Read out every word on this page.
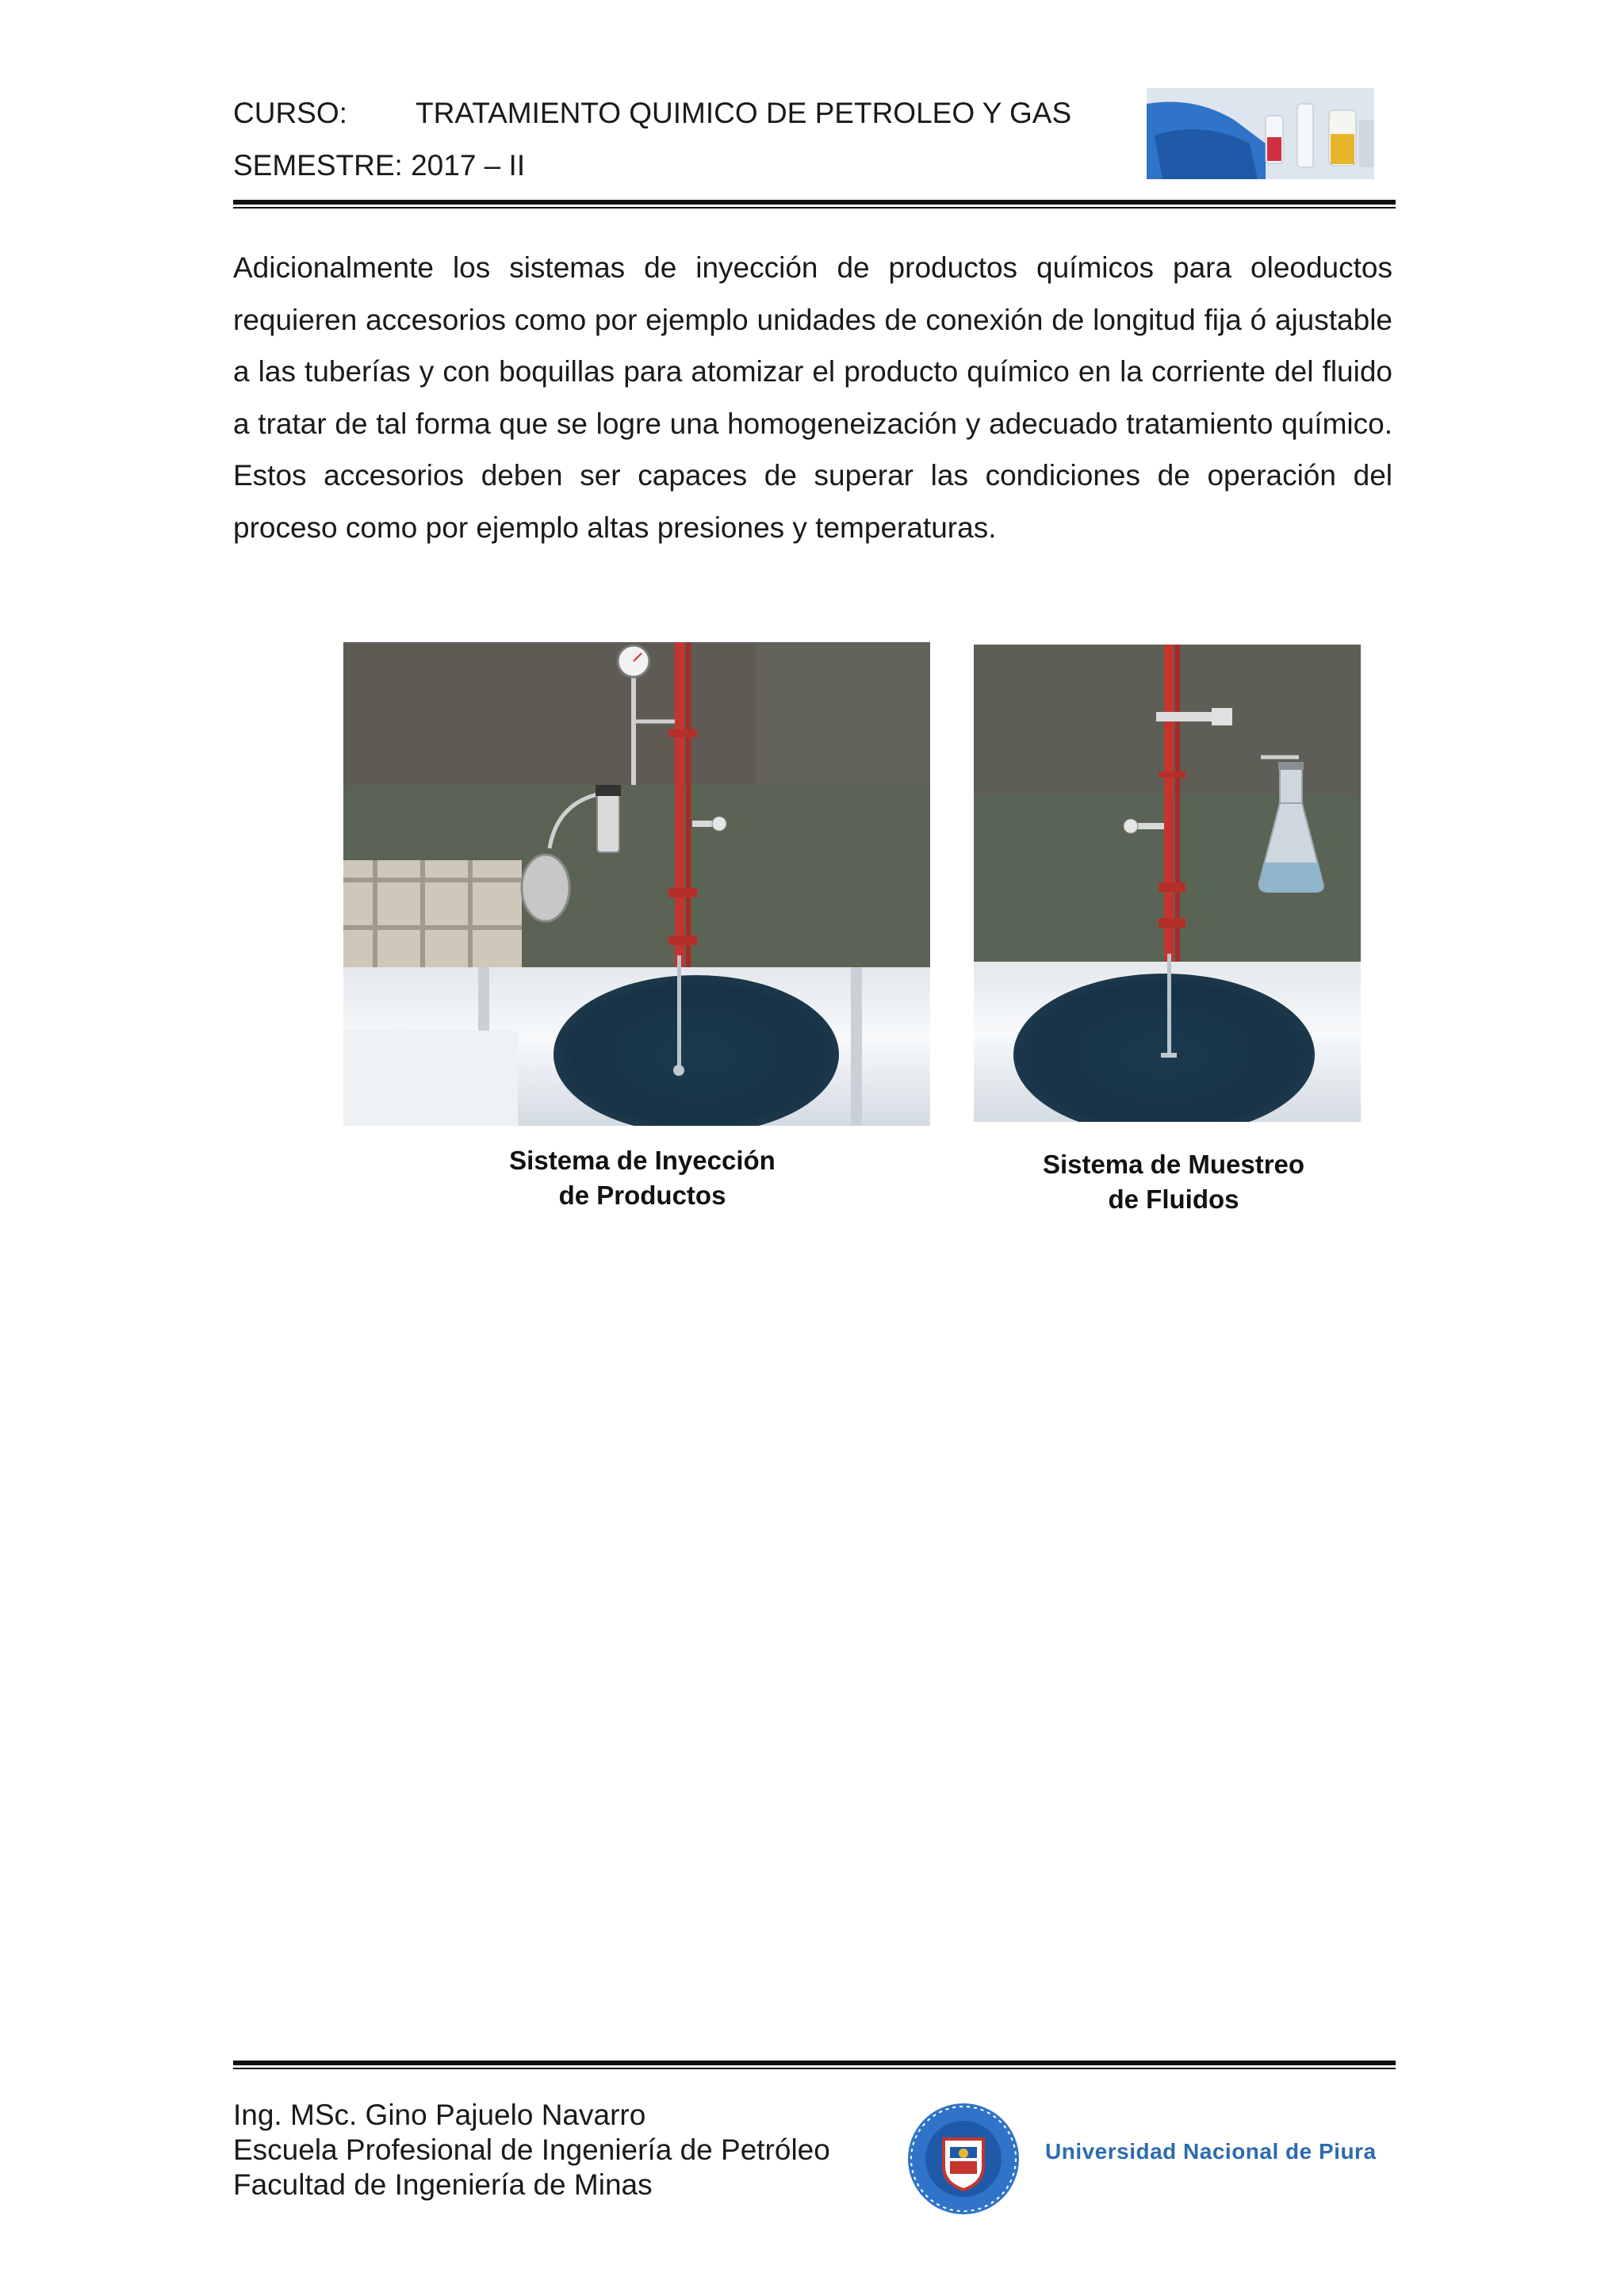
CURSO: TRATAMIENTO QUIMICO DE PETROLEO Y GAS
SEMESTRE: 2017 – II
Adicionalmente los sistemas de inyección de productos químicos para oleoductos requieren accesorios como por ejemplo unidades de conexión de longitud fija ó ajustable a las tuberías y con boquillas para atomizar el producto químico en la corriente del fluido a tratar de tal forma que se logre una homogeneización y adecuado tratamiento químico. Estos accesorios deben ser capaces de superar las condiciones de operación del proceso como por ejemplo altas presiones y temperaturas.
Sistema de Inyección
de Productos
Sistema de Muestreo
de Fluidos
Ing. MSc. Gino Pajuelo Navarro
Escuela Profesional de Ingeniería de Petróleo
Facultad de Ingeniería de Minas
Universidad Nacional de Piura
